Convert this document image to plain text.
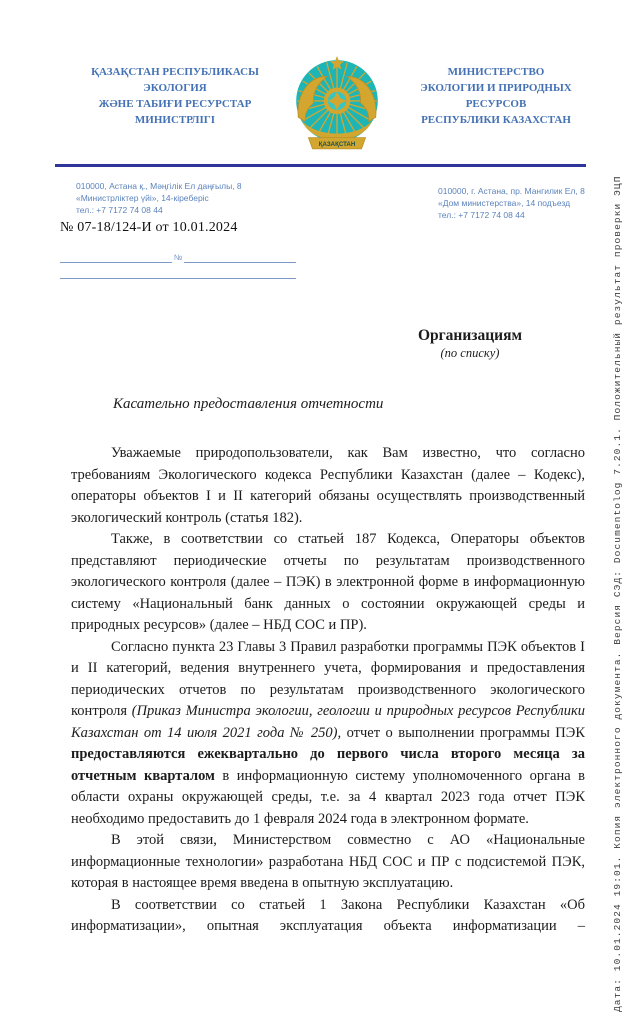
ҚАЗАҚСТАН РЕСПУБЛИКАСЫ
ЭКОЛОГИЯ
ЖӘНЕ ТАБИҒИ РЕСУРСТАР
МИНИСТРЛІГІ
ҚАЗАҚСТАН
МИНИСТЕРСТВО
ЭКОЛОГИИ И ПРИРОДНЫХ
РЕСУРСОВ
РЕСПУБЛИКИ КАЗАХСТАН
010000, Астана қ., Мәңгілік Ел даңғылы, 8
«Министрліктер үйі», 14-кіреберіс
тел.: +7 7172 74 08 44
010000, г. Астана, пр. Мангилик Ел, 8
«Дом министерства», 14 подъезд
тел.: +7 7172 74 08 44
№ 07-18/124-И от 10.01.2024
№
Организациям
(по списку)
Касательно предоставления отчетности

Уважаемые природопользователи, как Вам известно, что согласно требованиям Экологического кодекса Республики Казахстан (далее – Кодекс), операторы объектов I и II категорий обязаны осуществлять производственный экологический контроль (статья 182).

Также, в соответствии со статьей 187 Кодекса, Операторы объектов представляют периодические отчеты по результатам производственного экологического контроля (далее – ПЭК) в электронной форме в информационную систему «Национальный банк данных о состоянии окружающей среды и природных ресурсов» (далее – НБД СОС и ПР).

Согласно пункта 23 Главы 3 Правил разработки программы ПЭК объектов I и II категорий, ведения внутреннего учета, формирования и предоставления периодических отчетов по результатам производственного экологического контроля (Приказ Министра экологии, геологии и природных ресурсов Республики Казахстан от 14 июля 2021 года № 250), отчет о выполнении программы ПЭК предоставляются ежеквартально до первого числа второго месяца за отчетным кварталом в информационную систему уполномоченного органа в области охраны окружающей среды, т.е. за 4 квартал 2023 года отчет ПЭК необходимо предоставить до 1 февраля 2024 года в электронном формате.

В этой связи, Министерством совместно с АО «Национальные информационные технологии» разработана НБД СОС и ПР с подсистемой ПЭК, которая в настоящее время введена в опытную эксплуатацию.

В соответствии со статьей 1 Закона Республики Казахстан «Об информатизации», опытная эксплуатация объекта информатизации –	Дата: 10.01.2024 19:01. Копия электронного документа. Версия СЭД: Documentolog 7.20.1. Положительный результат проверки ЭЦП
